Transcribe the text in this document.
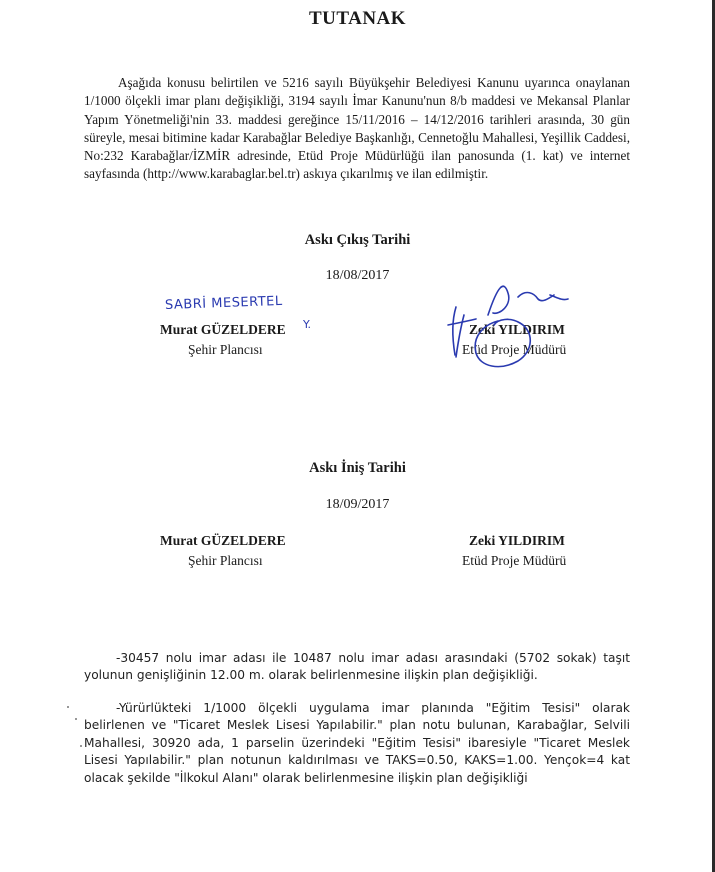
TUTANAK

Aşağıda konusu belirtilen ve 5216 sayılı Büyükşehir Belediyesi Kanunu uyarınca onaylanan 1/1000 ölçekli imar planı değişikliği, 3194 sayılı İmar Kanunu'nun 8/b maddesi ve Mekansal Planlar Yapım Yönetmeliği'nin 33. maddesi gereğince 15/11/2016 – 14/12/2016 tarihleri arasında, 30 gün süreyle, mesai bitimine kadar Karabağlar Belediye Başkanlığı, Cennetoğlu Mahallesi, Yeşillik Caddesi, No:232 Karabağlar/İZMİR adresinde, Etüd Proje Müdürlüğü ilan panosunda (1. kat) ve internet sayfasında (http://www.karabaglar.bel.tr) askıya çıkarılmış ve ilan edilmiştir.

Askı Çıkış Tarihi
18/08/2017
SABRİ MESERTEL
Y.
Murat GÜZELDERE
Şehir Plancısı
Zeki YILDIRIM
Etüd Proje Müdürü
Askı İniş Tarihi
18/09/2017
Murat GÜZELDERE
Şehir Plancısı
Zeki YILDIRIM
Etüd Proje Müdürü

-30457 nolu imar adası ile 10487 nolu imar adası arasındaki (5702 sokak) taşıt yolunun genişliğinin 12.00 m. olarak belirlenmesine ilişkin plan değişikliği.

-Yürürlükteki 1/1000 ölçekli uygulama imar planında "Eğitim Tesisi" olarak belirlenen ve "Ticaret Meslek Lisesi Yapılabilir." plan notu bulunan, Karabağlar, Selvili Mahallesi, 30920 ada, 1 parselin üzerindeki "Eğitim Tesisi" ibaresiyle "Ticaret Meslek Lisesi Yapılabilir." plan notunun kaldırılması ve TAKS=0.50, KAKS=1.00. Yençok=4 kat olacak şekilde "İlkokul Alanı" olarak belirlenmesine ilişkin plan değişikliği
